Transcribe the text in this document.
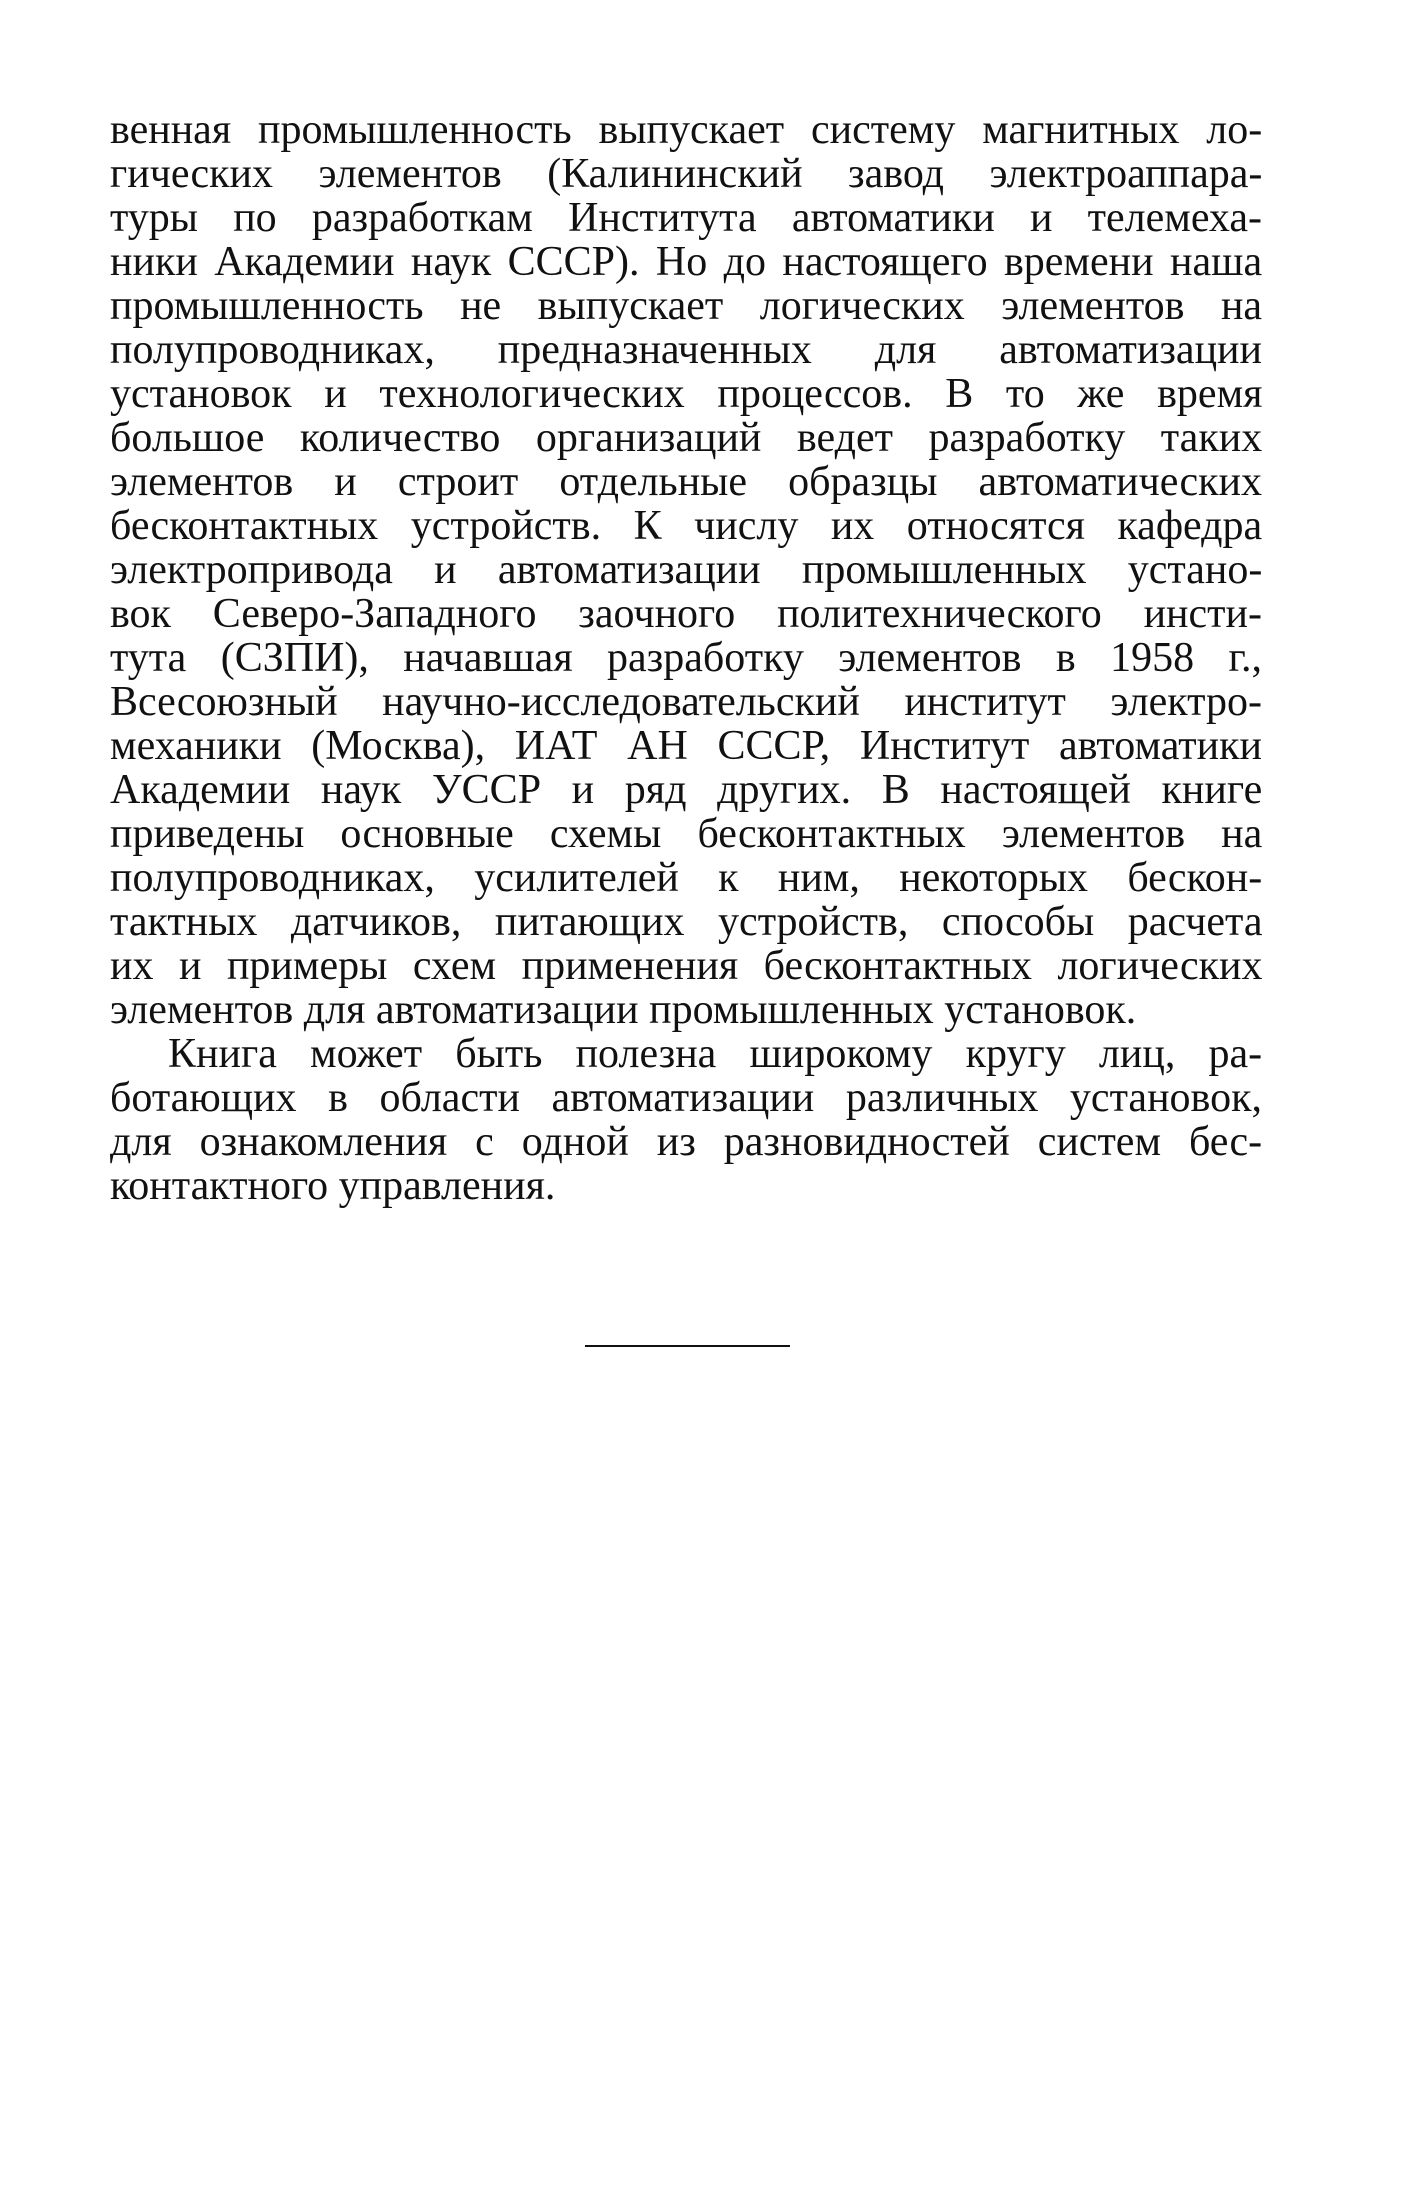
венная промышленность выпускает систему магнитных ло-
гических элементов (Калининский завод электроаппара-
туры по разработкам Института автоматики и телемеха-
ники Академии наук СССР). Но до настоящего времени наша
промышленность не выпускает логических элементов на
полупроводниках, предназначенных для автоматизации
установок и технологических процессов. В то же время
большое количество организаций ведет разработку таких
элементов и строит отдельные образцы автоматических
бесконтактных устройств. К числу их относятся кафедра
электропривода и автоматизации промышленных устано-
вок Северо-Западного заочного политехнического инсти-
тута (СЗПИ), начавшая разработку элементов в 1958 г.,
Всесоюзный научно-исследовательский институт электро-
механики (Москва), ИАТ АН СССР, Институт автоматики
Академии наук УССР и ряд других. В настоящей книге
приведены основные схемы бесконтактных элементов на
полупроводниках, усилителей к ним, некоторых бескон-
тактных датчиков, питающих устройств, способы расчета
их и примеры схем применения бесконтактных логических
элементов для автоматизации промышленных установок.
Книга может быть полезна широкому кругу лиц, ра-
ботающих в области автоматизации различных установок,
для ознакомления с одной из разновидностей систем бес-
контактного управления.
